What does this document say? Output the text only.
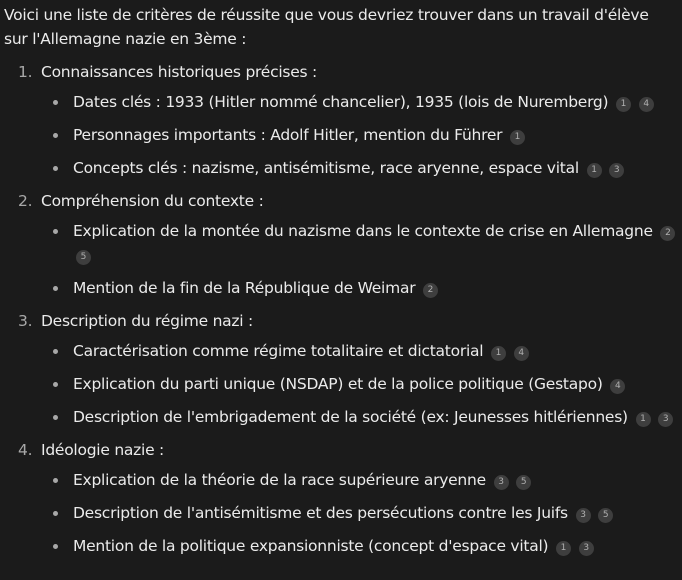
Voici une liste de critères de réussite que vous devriez trouver dans un travail d'élève sur l'Allemagne nazie en 3ème :

1. Connaissances historiques précises :
Dates clés : 1933 (Hitler nommé chancelier), 1935 (lois de Nuremberg) 1 4
Personnages importants : Adolf Hitler, mention du Führer 1
Concepts clés : nazisme, antisémitisme, race aryenne, espace vital 1 3
2. Compréhension du contexte :
Explication de la montée du nazisme dans le contexte de crise en Allemagne 2 5
Mention de la fin de la République de Weimar 2
3. Description du régime nazi :
Caractérisation comme régime totalitaire et dictatorial 1 4
Explication du parti unique (NSDAP) et de la police politique (Gestapo) 4
Description de l'embrigadement de la société (ex: Jeunesses hitlériennes) 1 3
4. Idéologie nazie :
Explication de la théorie de la race supérieure aryenne 3 5
Description de l'antisémitisme et des persécutions contre les Juifs 3 5
Mention de la politique expansionniste (concept d'espace vital) 1 3
